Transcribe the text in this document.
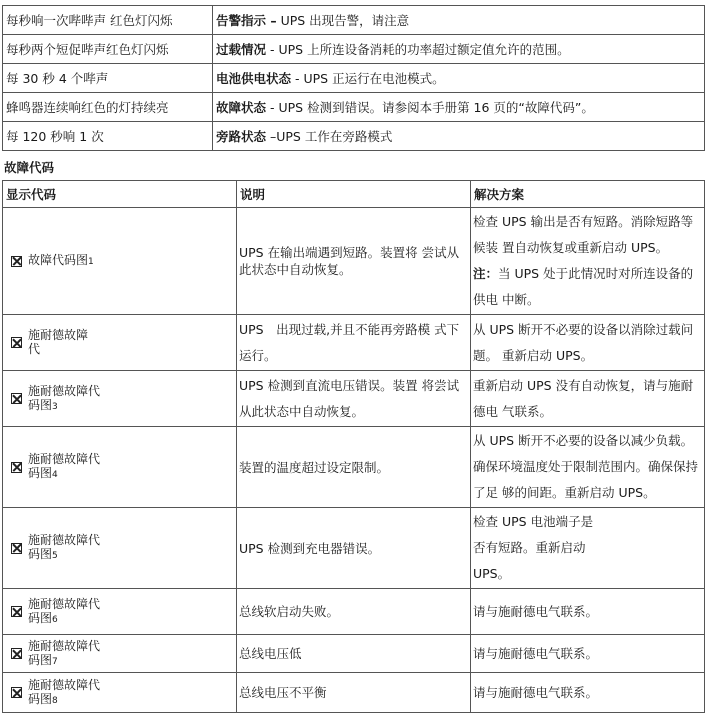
每秒响一次哔哔声 红色灯闪烁	告警指示 – UPS 出现告警，请注意
每秒两个短促哔声红色灯闪烁	过载情况 - UPS 上所连设备消耗的功率超过额定值允许的范围。
每 30 秒 4 个哔声	电池供电状态 - UPS 正运行在电池模式。
蜂鸣器连续响红色的灯持续亮	故障状态 - UPS 检测到错误。请参阅本手册第 16 页的“故障代码”。
每 120 秒响 1 次	旁路状态 –UPS 工作在旁路模式
故障代码
显示代码	说明	解决方案

故障代码图1	UPS 在输出端遇到短路。装置将 尝试从此状态中自动恢复。	检查 UPS 输出是否有短路。消除短路等候装 置自动恢复或重新启动 UPS。
注：当 UPS 处于此情况时对所连设备的供电 中断。

施耐德故障代	UPS　出现过载,并且不能再旁路模 式下运行。	从 UPS 断开不必要的设备以消除过载问题。 重新启动 UPS。

施耐德故障代码图3	UPS 检测到直流电压错误。装置 将尝试从此状态中自动恢复。	重新启动 UPS 没有自动恢复，请与施耐德电 气联系。

施耐德故障代码图4	装置的温度超过设定限制。	从 UPS 断开不必要的设备以减少负载。 确保环境温度处于限制范围内。确保保持了足 够的间距。重新启动 UPS。

施耐德故障代码图5	UPS 检测到充电器错误。	检查 UPS 电池端子是否有短路。重新启动 UPS。

施耐德故障代码图6	总线软启动失败。	请与施耐德电气联系。

施耐德故障代码图7	总线电压低	请与施耐德电气联系。

施耐德故障代码图8	总线电压不平衡	请与施耐德电气联系。
